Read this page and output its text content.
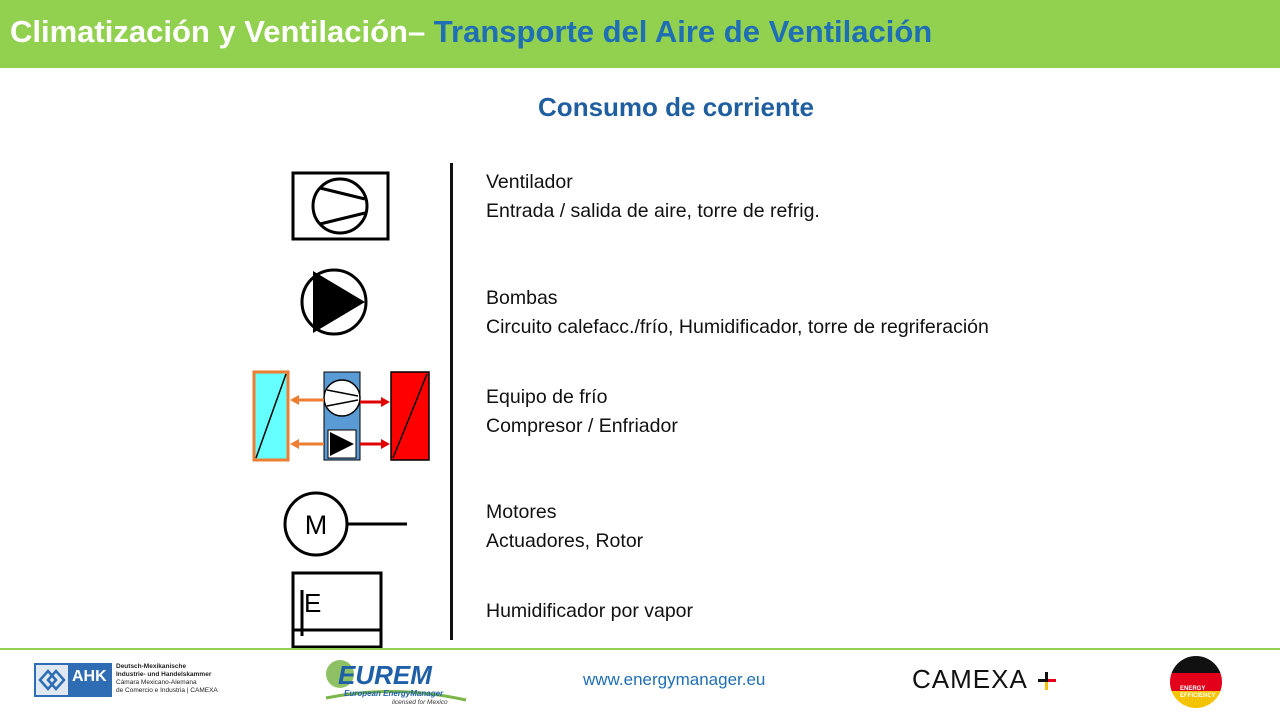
Climatización y Ventilación– Transporte del Aire de Ventilación
Consumo de corriente
M
E
Ventilador
Entrada / salida de aire, torre de refrig.
Bombas
Circuito calefacc./frío, Humidificador, torre de regriferación
Equipo de frío
Compresor / Enfriador
Motores
Actuadores, Rotor
Humidificador por vapor
AHK
Deutsch-Mexikanische
Industrie- und Handelskammer
Cámara Mexicano-Alemana
de Comercio e Industria | CAMEXA
EUREM
European EnergyManager
licensed for Mexico
www.energymanager.eu	CAMEXA	ENERGY
EFFICIENCY
